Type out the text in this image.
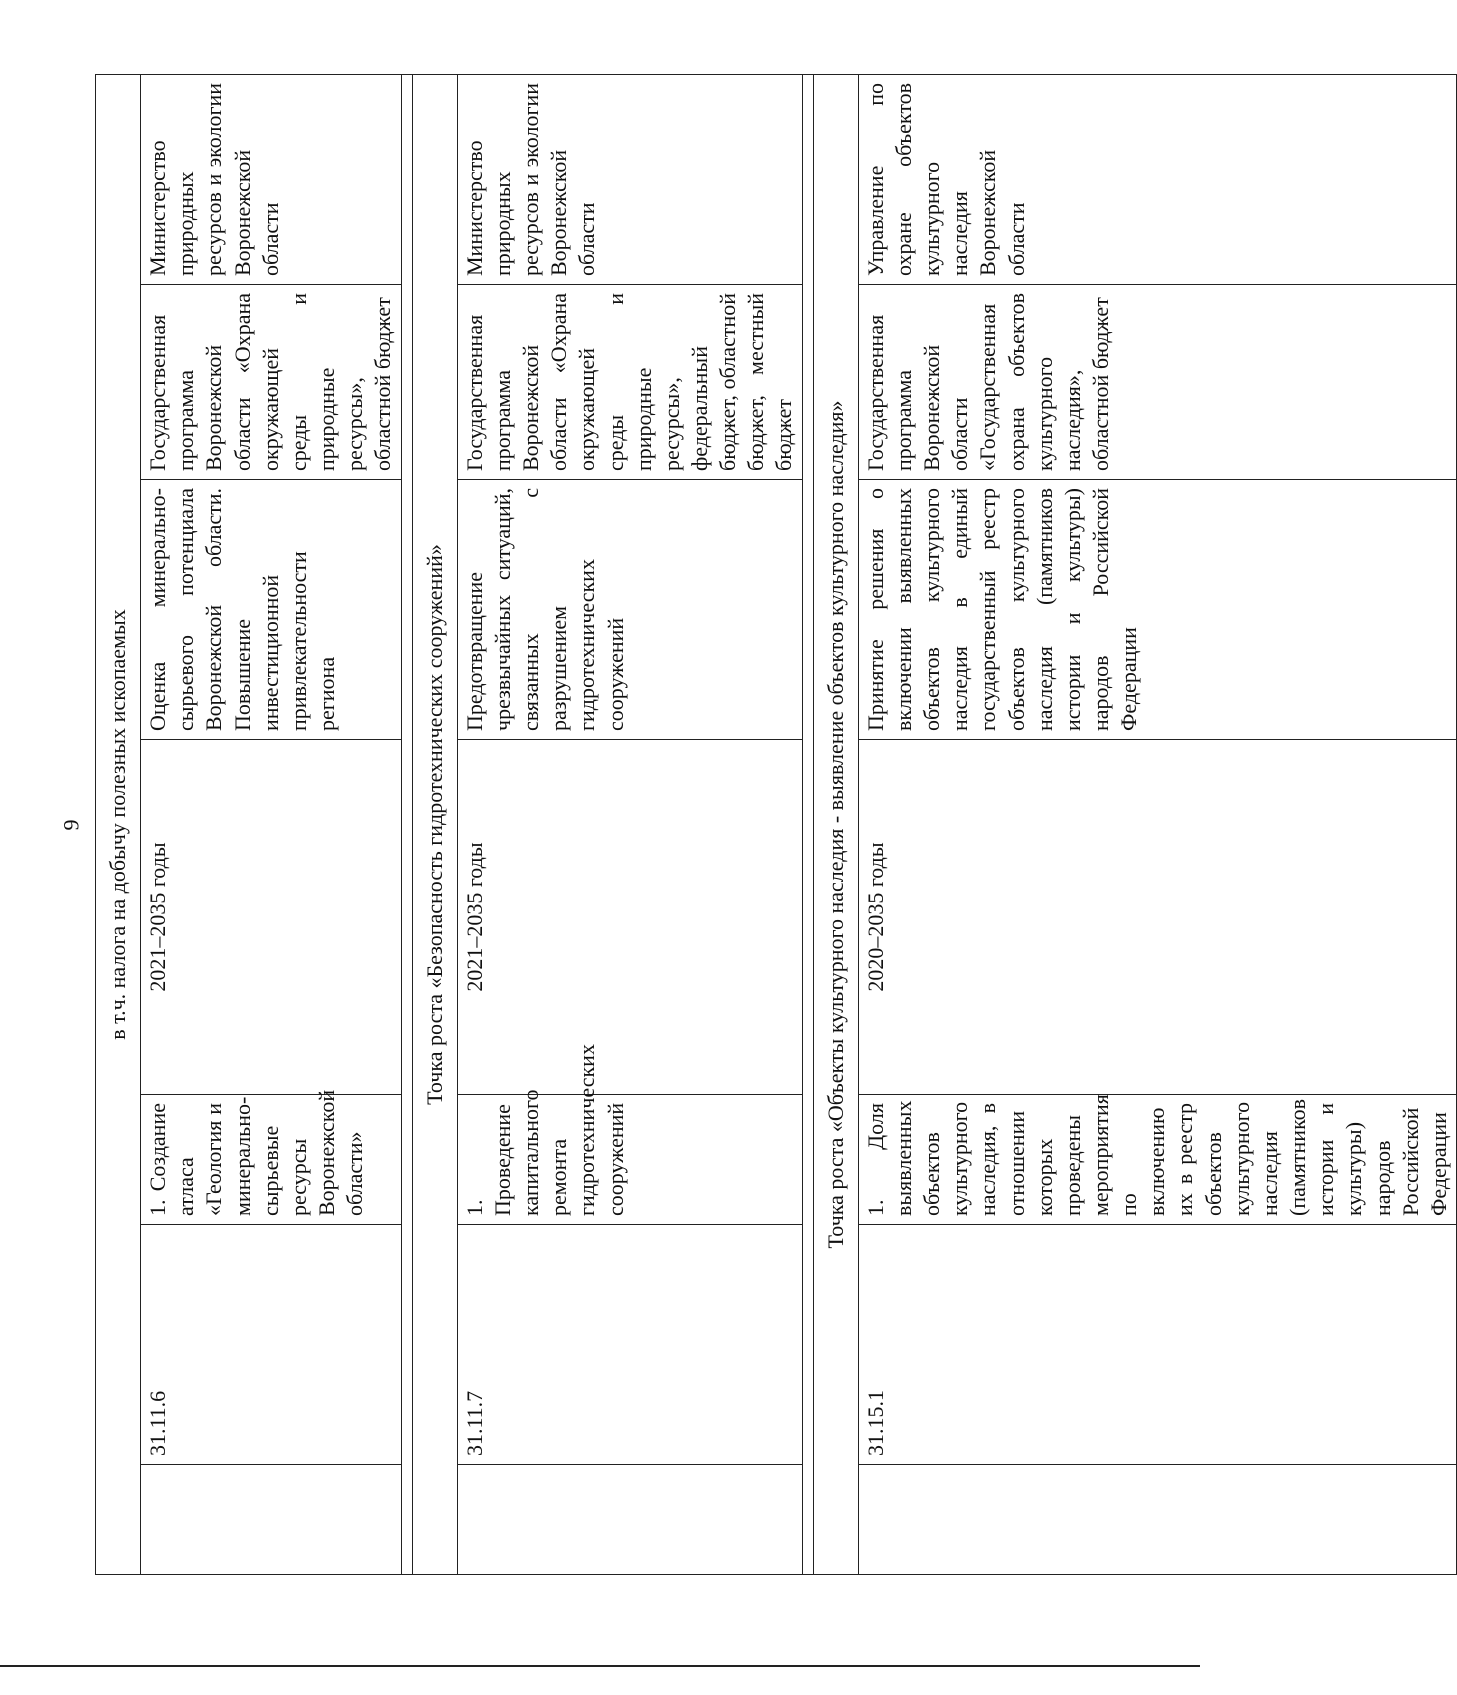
9 в т.ч. налога на добычу полезных ископаемых						
	31.11.6	1. Создание атласа «Геология и минерально-сырьевые ресурсы Воронежской области»	2021–2035 годы	Оценка минерально-сырьевого потенциала Воронежской области. Повышение инвестиционной привлекательности региона	Государственная программа Воронежской области «Охрана окружающей среды и природные ресурсы», областной бюджет	Министерство природных ресурсов и экологии Воронежской области

Точка роста «Безопасность гидротехнических сооружений»						
	31.11.7	1. Проведение капитального ремонта гидротехнических сооружений	2021–2035 годы	Предотвращение чрезвычайных ситуаций, связанных с разрушением гидротехнических сооружений	Государственная программа Воронежской области «Охрана окружающей среды и природные ресурсы», федеральный бюджет, областной бюджет, местный бюджет	Министерство природных ресурсов и экологии Воронежской области

Точка роста «Объекты культурного наследия - выявление объектов культурного наследия»						
	31.15.1	1. Доля выявленных объектов культурного наследия, в отношении которых проведены мероприятия по включению их в реестр объектов культурного наследия (памятников истории и культуры) народов Российской Федерации	2020–2035 годы	Принятие решения о включении выявленных объектов культурного наследия в единый государственный реестр объектов культурного наследия (памятников истории и культуры) народов Российской Федерации	Государственная программа Воронежской области «Государственная охрана объектов культурного наследия», областной бюджет	Управление по охране объектов культурного наследия Воронежской области
